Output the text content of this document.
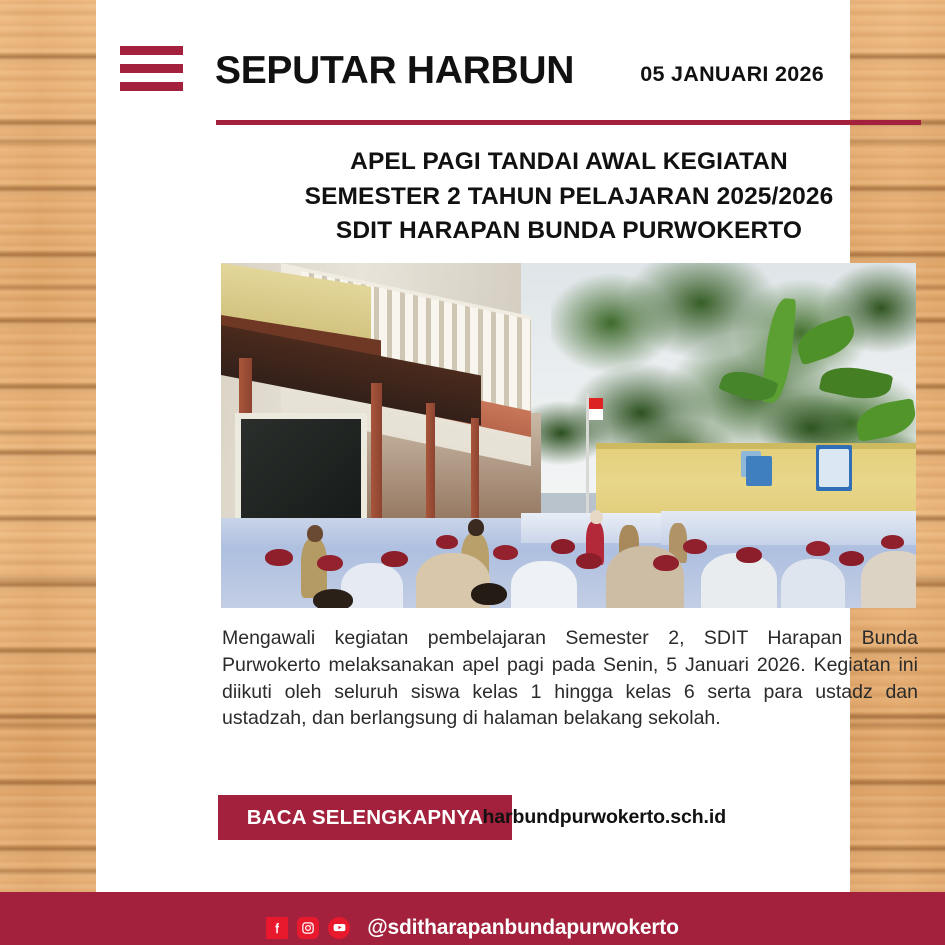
SEPUTAR HARBUN	05 JANUARI 2026
APEL PAGI TANDAI AWAL KEGIATAN
SEMESTER 2 TAHUN PELAJARAN 2025/2026
SDIT HARAPAN BUNDA PURWOKERTO
Mengawali kegiatan pembelajaran Semester 2, SDIT Harapan Bunda Purwokerto melaksanakan apel pagi pada Senin, 5 Januari 2026. Kegiatan ini diikuti oleh seluruh siswa kelas 1 hingga kelas 6 serta para ustadz dan ustadzah, dan berlangsung di halaman belakang sekolah.
BACA SELENGKAPNYA harbundpurwokerto.sch.id
@sditharapanbundapurwokerto
